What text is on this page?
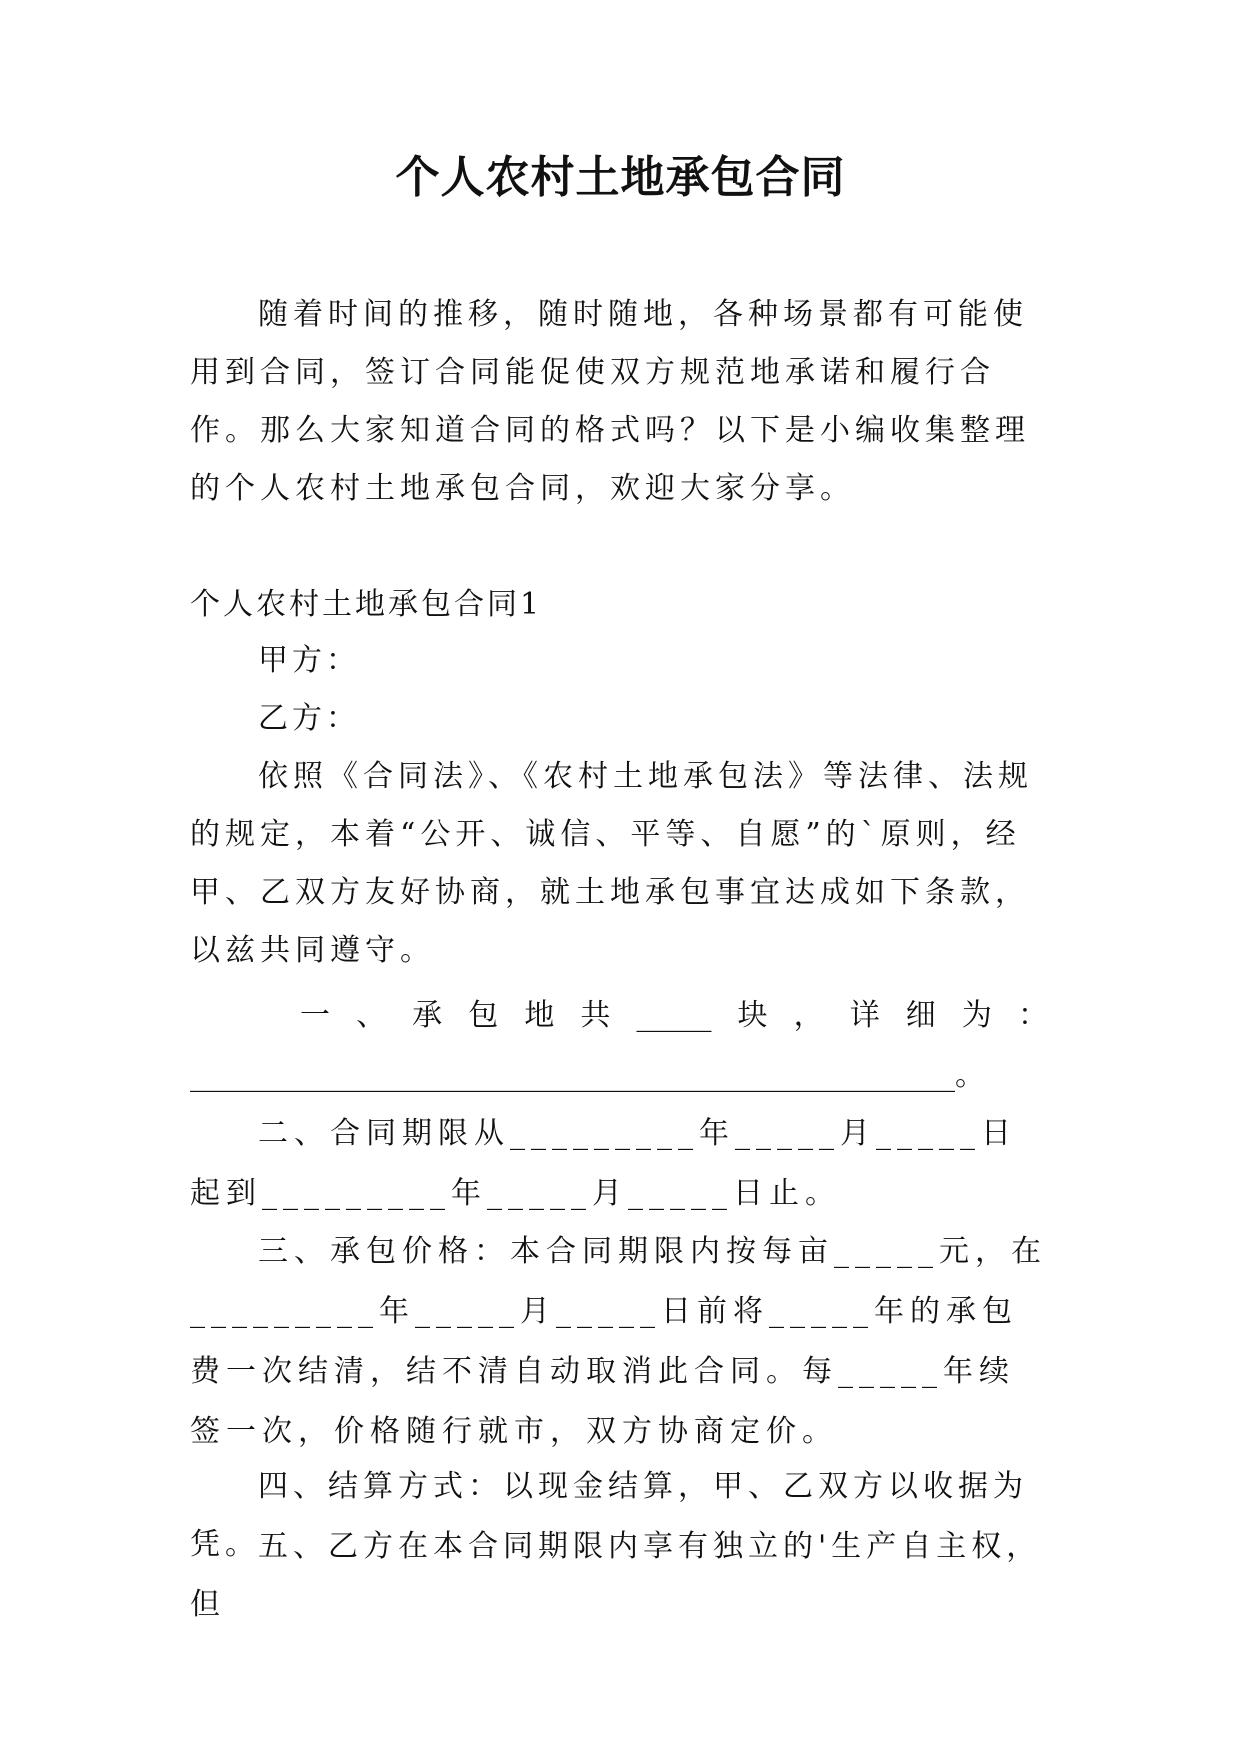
个人农村土地承包合同
随着时间的推移，随时随地，各种场景都有可能使用到合同，签订合同能促使双方规范地承诺和履行合作。那么大家知道合同的格式吗？以下是小编收集整理的个人农村土地承包合同，欢迎大家分享。
个人农村土地承包合同1
甲方：
乙方：
依照《合同法》、《农村土地承包法》等法律、法规的规定，本着“公开、诚信、平等、自愿”的`原则，经甲、乙双方友好协商，就土地承包事宜达成如下条款，以兹共同遵守。
一 、 承 包 地 共 _____ 块 ， 详 细 为 ：
___________________________________________________。
二、合同期限从_________年_____月_____日起到_________年_____月_____日止。
三、承包价格：本合同期限内按每亩_____元，在_________年_____月_____日前将_____年的承包费一次结清，结不清自动取消此合同。每_____年续签一次，价格随行就市，双方协商定价。
四、结算方式：以现金结算，甲、乙双方以收据为凭。
五、乙方在本合同期限内享有独立的'生产自主权，但
